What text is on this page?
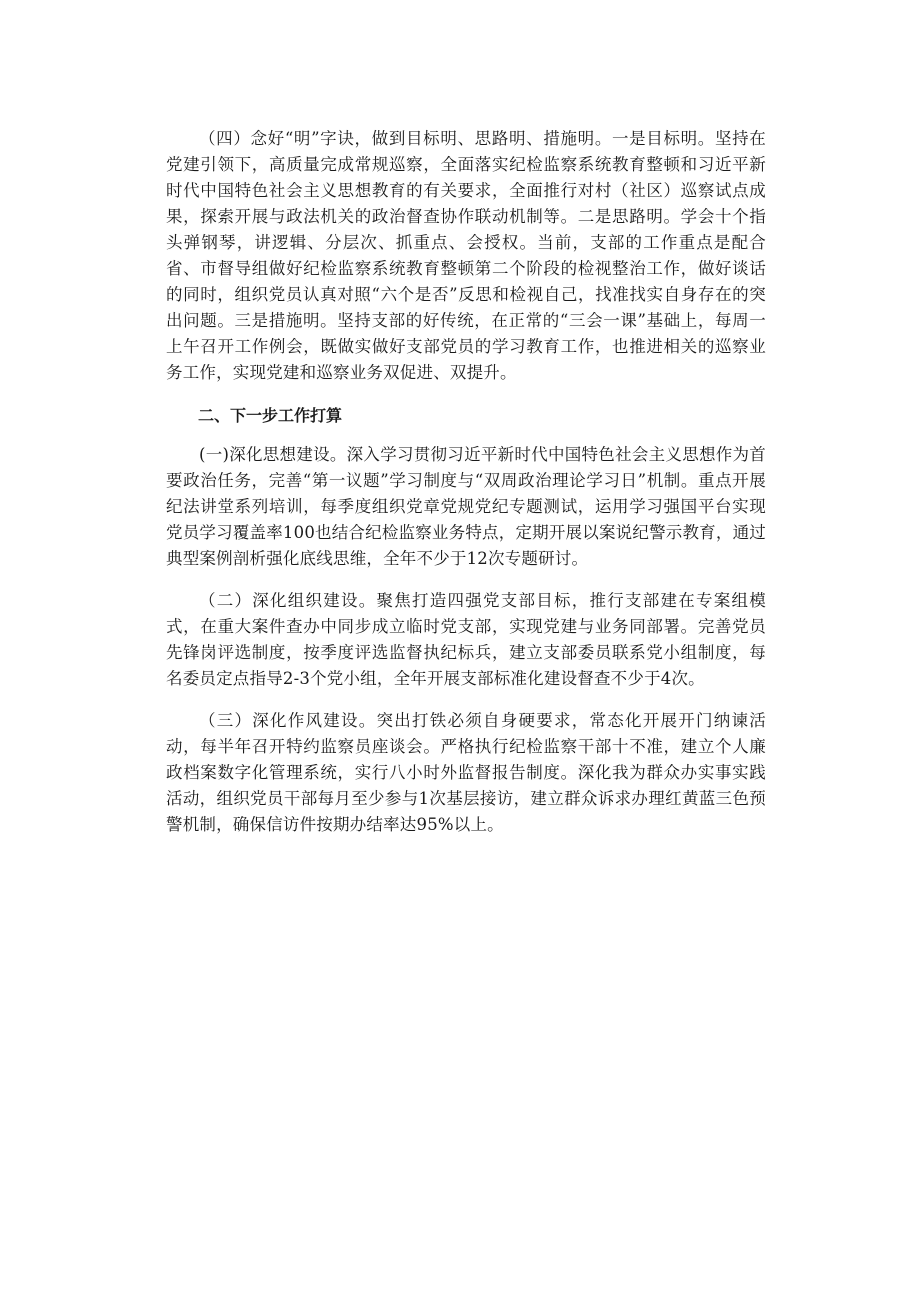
（四）念好“明”字诀，做到目标明、思路明、措施明。一是目标明。坚持在党建引领下，高质量完成常规巡察，全面落实纪检监察系统教育整顿和习近平新时代中国特色社会主义思想教育的有关要求，全面推行对村（社区）巡察试点成果，探索开展与政法机关的政治督查协作联动机制等。二是思路明。学会十个指头弹钢琴，讲逻辑、分层次、抓重点、会授权。当前，支部的工作重点是配合省、市督导组做好纪检监察系统教育整顿第二个阶段的检视整治工作，做好谈话的同时，组织党员认真对照“六个是否”反思和检视自己，找准找实自身存在的突出问题。三是措施明。坚持支部的好传统，在正常的“三会一课”基础上，每周一上午召开工作例会，既做实做好支部党员的学习教育工作，也推进相关的巡察业务工作，实现党建和巡察业务双促进、双提升。

二、下一步工作打算

(一)深化思想建设。深入学习贯彻习近平新时代中国特色社会主义思想作为首要政治任务，完善“第一议题”学习制度与“双周政治理论学习日”机制。重点开展纪法讲堂系列培训，每季度组织党章党规党纪专题测试，运用学习强国平台实现党员学习覆盖率100也结合纪检监察业务特点，定期开展以案说纪警示教育，通过典型案例剖析强化底线思维，全年不少于12次专题研讨。

（二）深化组织建设。聚焦打造四强党支部目标，推行支部建在专案组模式，在重大案件查办中同步成立临时党支部，实现党建与业务同部署。完善党员先锋岗评选制度，按季度评选监督执纪标兵，建立支部委员联系党小组制度，每名委员定点指导2-3个党小组，全年开展支部标准化建设督查不少于4次。

（三）深化作风建设。突出打铁必须自身硬要求，常态化开展开门纳谏活动，每半年召开特约监察员座谈会。严格执行纪检监察干部十不准，建立个人廉政档案数字化管理系统，实行八小时外监督报告制度。深化我为群众办实事实践活动，组织党员干部每月至少参与1次基层接访，建立群众诉求办理红黄蓝三色预警机制，确保信访件按期办结率达95%以上。
